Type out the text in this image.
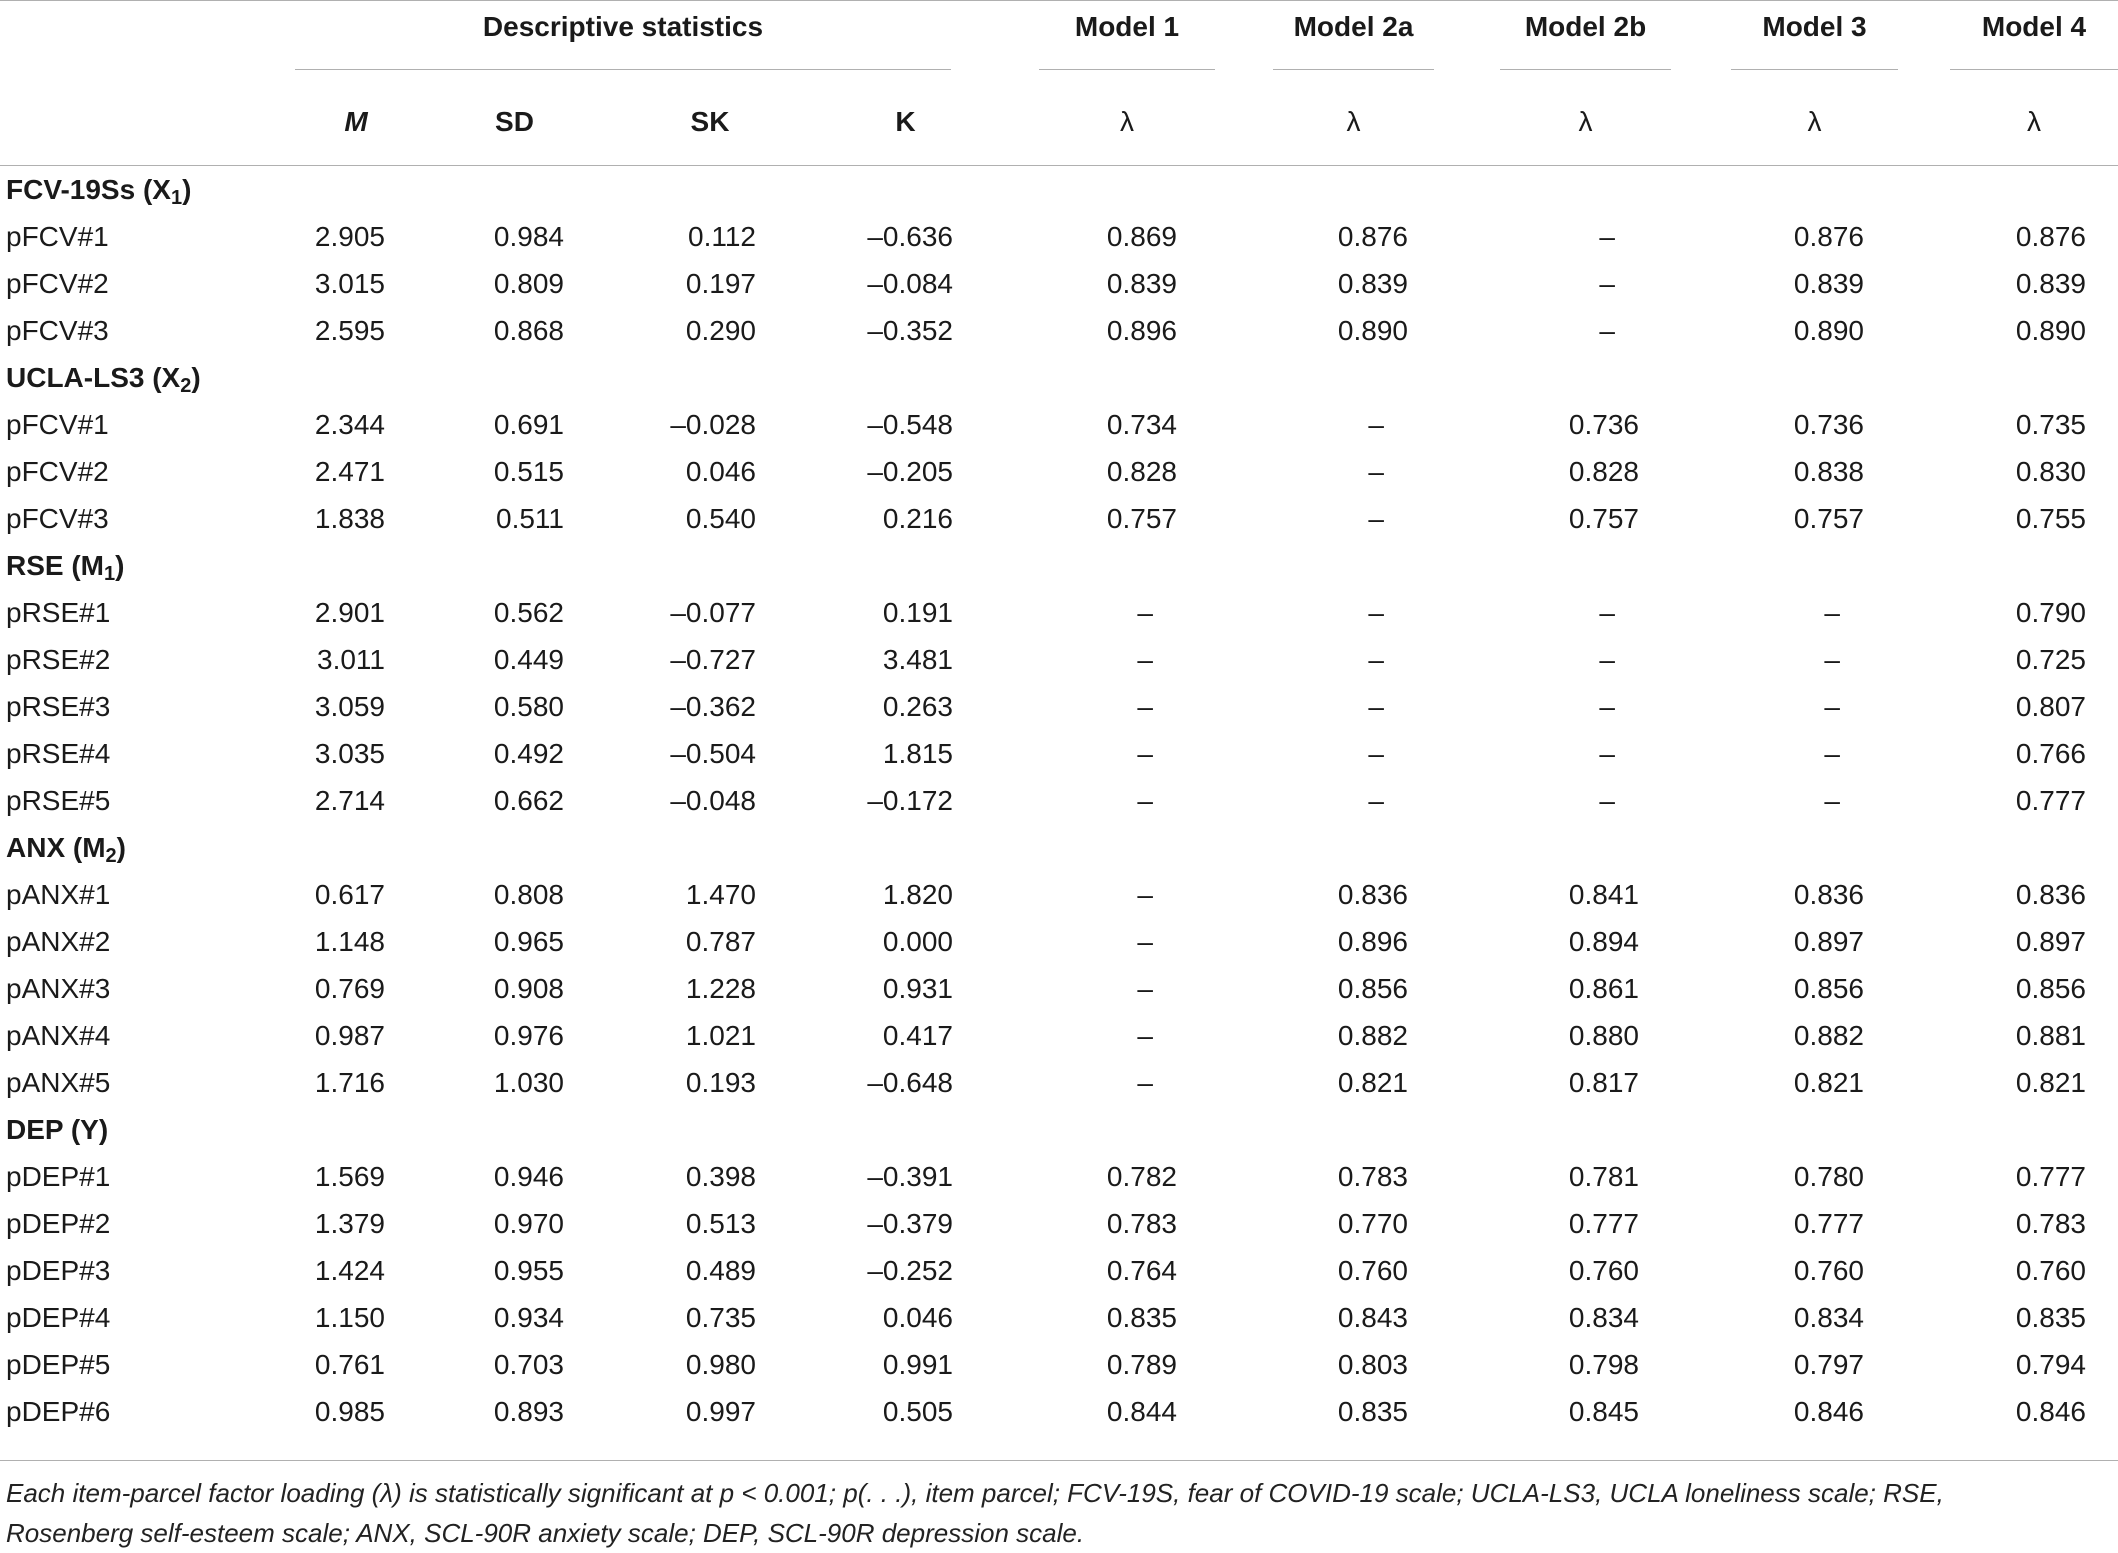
	Descriptive statistics				Model 1	Model 2a	Model 2b	Model 3	Model 4

	M	SD	SK	K	λ	λ	λ	λ	λ
FCV-19Ss $(X_1)$									
pFCV#1	2.905	0.984	0.112	–0.636	0.869	0.876	–	0.876	0.876
pFCV#2	3.015	0.809	0.197	–0.084	0.839	0.839	–	0.839	0.839
pFCV#3	2.595	0.868	0.290	–0.352	0.896	0.890	–	0.890	0.890
UCLA-LS3 $(X_2)$									
pFCV#1	2.344	0.691	–0.028	–0.548	0.734	–	0.736	0.736	0.735
pFCV#2	2.471	0.515	0.046	–0.205	0.828	–	0.828	0.838	0.830
pFCV#3	1.838	0.511	0.540	0.216	0.757	–	0.757	0.757	0.755
RSE $(M_1)$									
pRSE#1	2.901	0.562	–0.077	0.191	–	–	–	–	0.790
pRSE#2	3.011	0.449	–0.727	3.481	–	–	–	–	0.725
pRSE#3	3.059	0.580	–0.362	0.263	–	–	–	–	0.807
pRSE#4	3.035	0.492	–0.504	1.815	–	–	–	–	0.766
pRSE#5	2.714	0.662	–0.048	–0.172	–	–	–	–	0.777
ANX $(M_2)$									
pANX#1	0.617	0.808	1.470	1.820	–	0.836	0.841	0.836	0.836
pANX#2	1.148	0.965	0.787	0.000	–	0.896	0.894	0.897	0.897
pANX#3	0.769	0.908	1.228	0.931	–	0.856	0.861	0.856	0.856
pANX#4	0.987	0.976	1.021	0.417	–	0.882	0.880	0.882	0.881
pANX#5	1.716	1.030	0.193	–0.648	–	0.821	0.817	0.821	0.821
DEP (Y)									
pDEP#1	1.569	0.946	0.398	–0.391	0.782	0.783	0.781	0.780	0.777
pDEP#2	1.379	0.970	0.513	–0.379	0.783	0.770	0.777	0.777	0.783
pDEP#3	1.424	0.955	0.489	–0.252	0.764	0.760	0.760	0.760	0.760
pDEP#4	1.150	0.934	0.735	0.046	0.835	0.843	0.834	0.834	0.835
pDEP#5	0.761	0.703	0.980	0.991	0.789	0.803	0.798	0.797	0.794
pDEP#6	0.985	0.893	0.997	0.505	0.844	0.835	0.845	0.846	0.846
Each item-parcel factor loading (λ) is statistically significant at p < 0.001; p(. . .), item parcel; FCV-19S, fear of COVID-19 scale; UCLA-LS3, UCLA loneliness scale; RSE,
Rosenberg self-esteem scale; ANX, SCL-90R anxiety scale; DEP, SCL-90R depression scale.
